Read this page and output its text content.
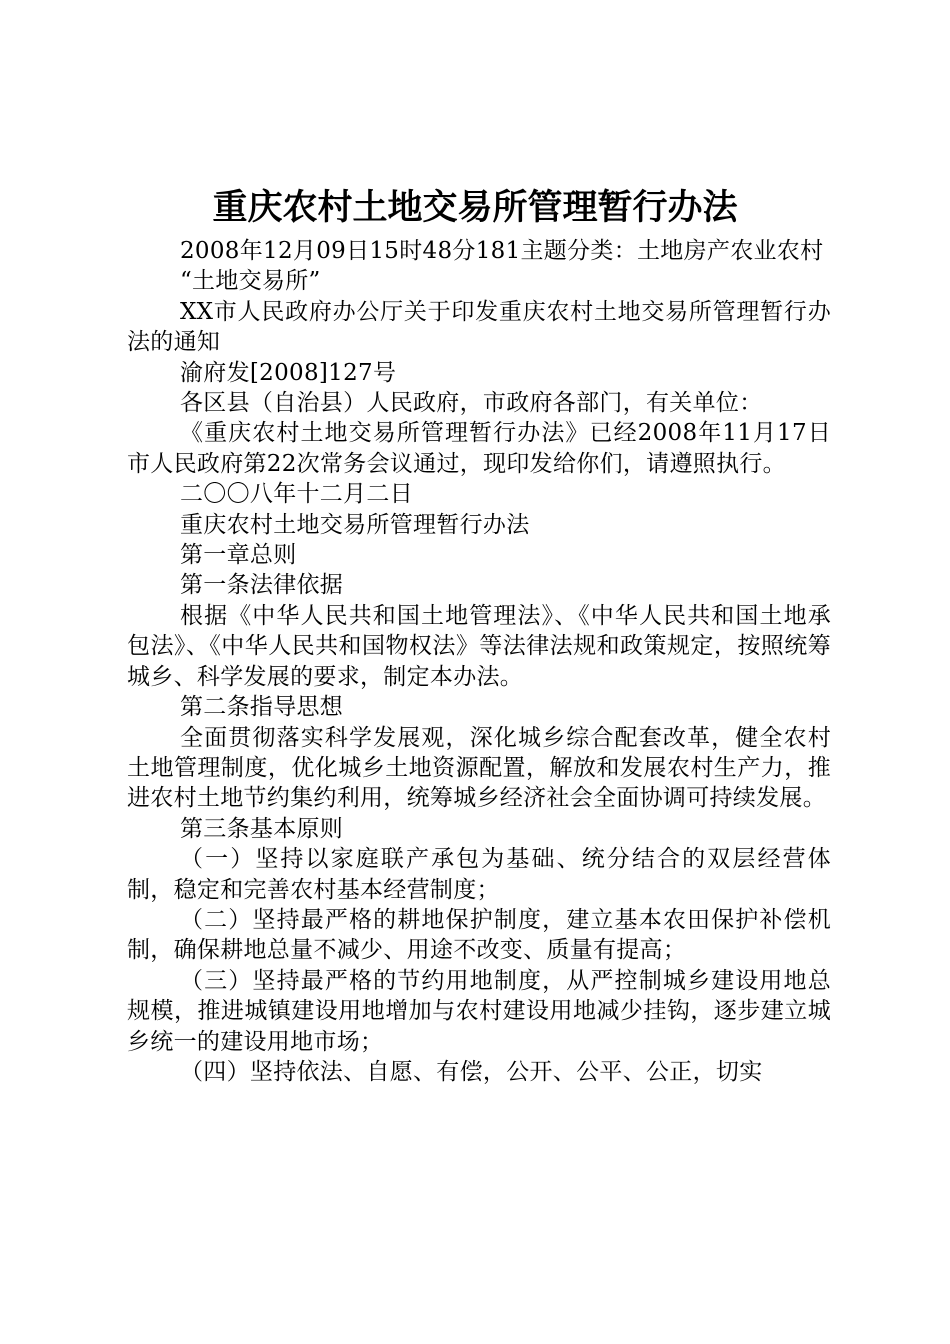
重庆农村土地交易所管理暂行办法

2008年12月09日15时48分181主题分类：土地房产农业农村

“土地交易所”

XX市人民政府办公厅关于印发重庆农村土地交易所管理暂行办法的通知

渝府发[2008]127号

各区县（自治县）人民政府，市政府各部门，有关单位：

《重庆农村土地交易所管理暂行办法》已经2008年11月17日市人民政府第22次常务会议通过，现印发给你们，请遵照执行。

二〇〇八年十二月二日

重庆农村土地交易所管理暂行办法

第一章总则

第一条法律依据

根据《中华人民共和国土地管理法》、《中华人民共和国土地承包法》、《中华人民共和国物权法》等法律法规和政策规定，按照统筹城乡、科学发展的要求，制定本办法。

第二条指导思想

全面贯彻落实科学发展观，深化城乡综合配套改革，健全农村土地管理制度，优化城乡土地资源配置，解放和发展农村生产力，推进农村土地节约集约利用，统筹城乡经济社会全面协调可持续发展。

第三条基本原则

（一）坚持以家庭联产承包为基础、统分结合的双层经营体制，稳定和完善农村基本经营制度；

（二）坚持最严格的耕地保护制度，建立基本农田保护补偿机制，确保耕地总量不减少、用途不改变、质量有提高；

（三）坚持最严格的节约用地制度，从严控制城乡建设用地总规模，推进城镇建设用地增加与农村建设用地减少挂钩，逐步建立城乡统一的建设用地市场；

（四）坚持依法、自愿、有偿，公开、公平、公正，切实
